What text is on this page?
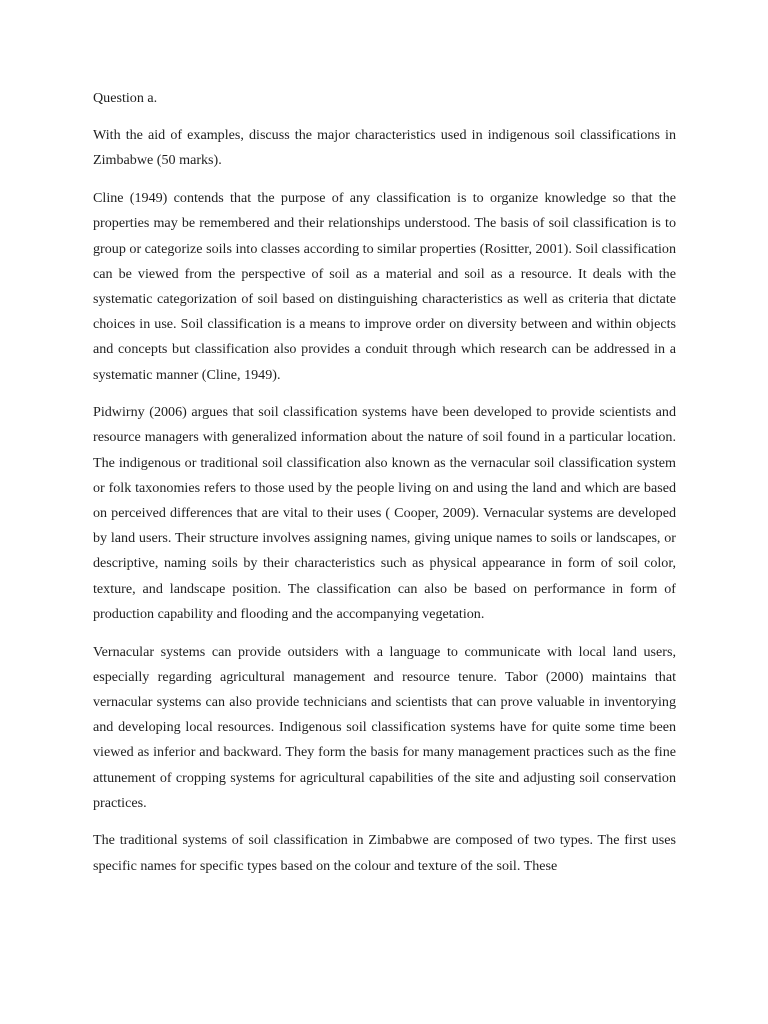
Question a.

With the aid of examples, discuss the major characteristics used in indigenous soil classifications in Zimbabwe (50 marks).

Cline (1949) contends that the purpose of any classification is to organize knowledge so that the properties may be remembered and their relationships understood. The basis of soil classification is to group or categorize soils into classes according to similar properties (Rositter, 2001). Soil classification can be viewed from the perspective of soil as a material and soil as a resource. It deals with the systematic categorization of soil based on distinguishing characteristics as well as criteria that dictate choices in use. Soil classification is a means to improve order on diversity between and within objects and concepts but classification also provides a conduit through which research can be addressed in a systematic manner (Cline, 1949).

Pidwirny (2006) argues that soil classification systems have been developed to provide scientists and resource managers with generalized information about the nature of soil found in a particular location. The indigenous or traditional soil classification also known as the vernacular soil classification system or folk taxonomies refers to those used by the people living on and using the land and which are based on perceived differences that are vital to their uses ( Cooper, 2009). Vernacular systems are developed by land users. Their structure involves assigning names, giving unique names to soils or landscapes, or descriptive, naming soils by their characteristics such as physical appearance in form of soil color, texture, and landscape position. The classification can also be based on performance in form of production capability and flooding and the accompanying vegetation.

Vernacular systems can provide outsiders with a language to communicate with local land users, especially regarding agricultural management and resource tenure. Tabor (2000) maintains that vernacular systems can also provide technicians and scientists that can prove valuable in inventorying and developing local resources. Indigenous soil classification systems have for quite some time been viewed as inferior and backward. They form the basis for many management practices such as the fine attunement of cropping systems for agricultural capabilities of the site and adjusting soil conservation practices.

The traditional systems of soil classification in Zimbabwe are composed of two types. The first uses specific names for specific types based on the colour and texture of the soil. These
